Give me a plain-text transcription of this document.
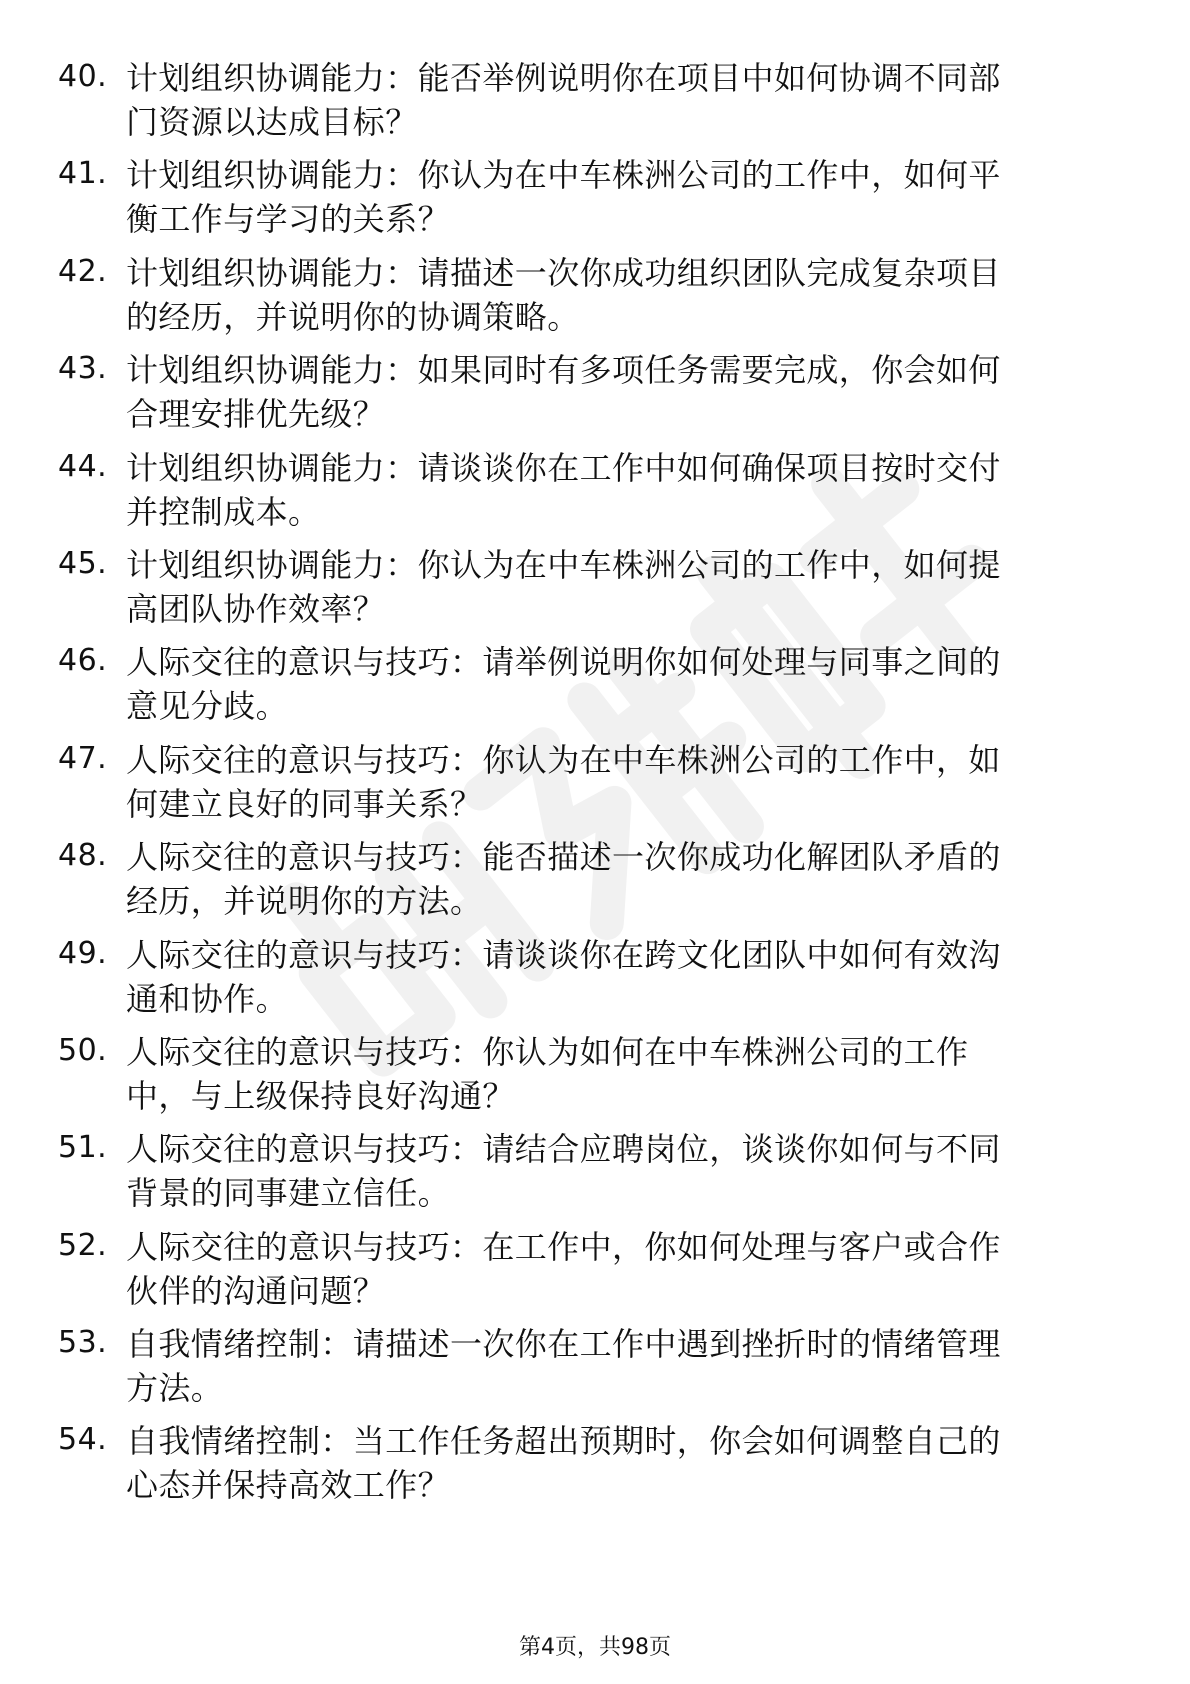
40. 计划组织协调能力：能否举例说明你在项目中如何协调不同部门资源以达成目标？
41. 计划组织协调能力：你认为在中车株洲公司的工作中，如何平衡工作与学习的关系？
42. 计划组织协调能力：请描述一次你成功组织团队完成复杂项目的经历，并说明你的协调策略。
43. 计划组织协调能力：如果同时有多项任务需要完成，你会如何合理安排优先级？
44. 计划组织协调能力：请谈谈你在工作中如何确保项目按时交付并控制成本。
45. 计划组织协调能力：你认为在中车株洲公司的工作中，如何提高团队协作效率？
46. 人际交往的意识与技巧：请举例说明你如何处理与同事之间的意见分歧。
47. 人际交往的意识与技巧：你认为在中车株洲公司的工作中，如何建立良好的同事关系？
48. 人际交往的意识与技巧：能否描述一次你成功化解团队矛盾的经历，并说明你的方法。
49. 人际交往的意识与技巧：请谈谈你在跨文化团队中如何有效沟通和协作。
50. 人际交往的意识与技巧：你认为如何在中车株洲公司的工作中，与上级保持良好沟通？
51. 人际交往的意识与技巧：请结合应聘岗位，谈谈你如何与不同背景的同事建立信任。
52. 人际交往的意识与技巧：在工作中，你如何处理与客户或合作伙伴的沟通问题？
53. 自我情绪控制：请描述一次你在工作中遇到挫折时的情绪管理方法。
54. 自我情绪控制：当工作任务超出预期时，你会如何调整自己的心态并保持高效工作？
第4页，共98页
